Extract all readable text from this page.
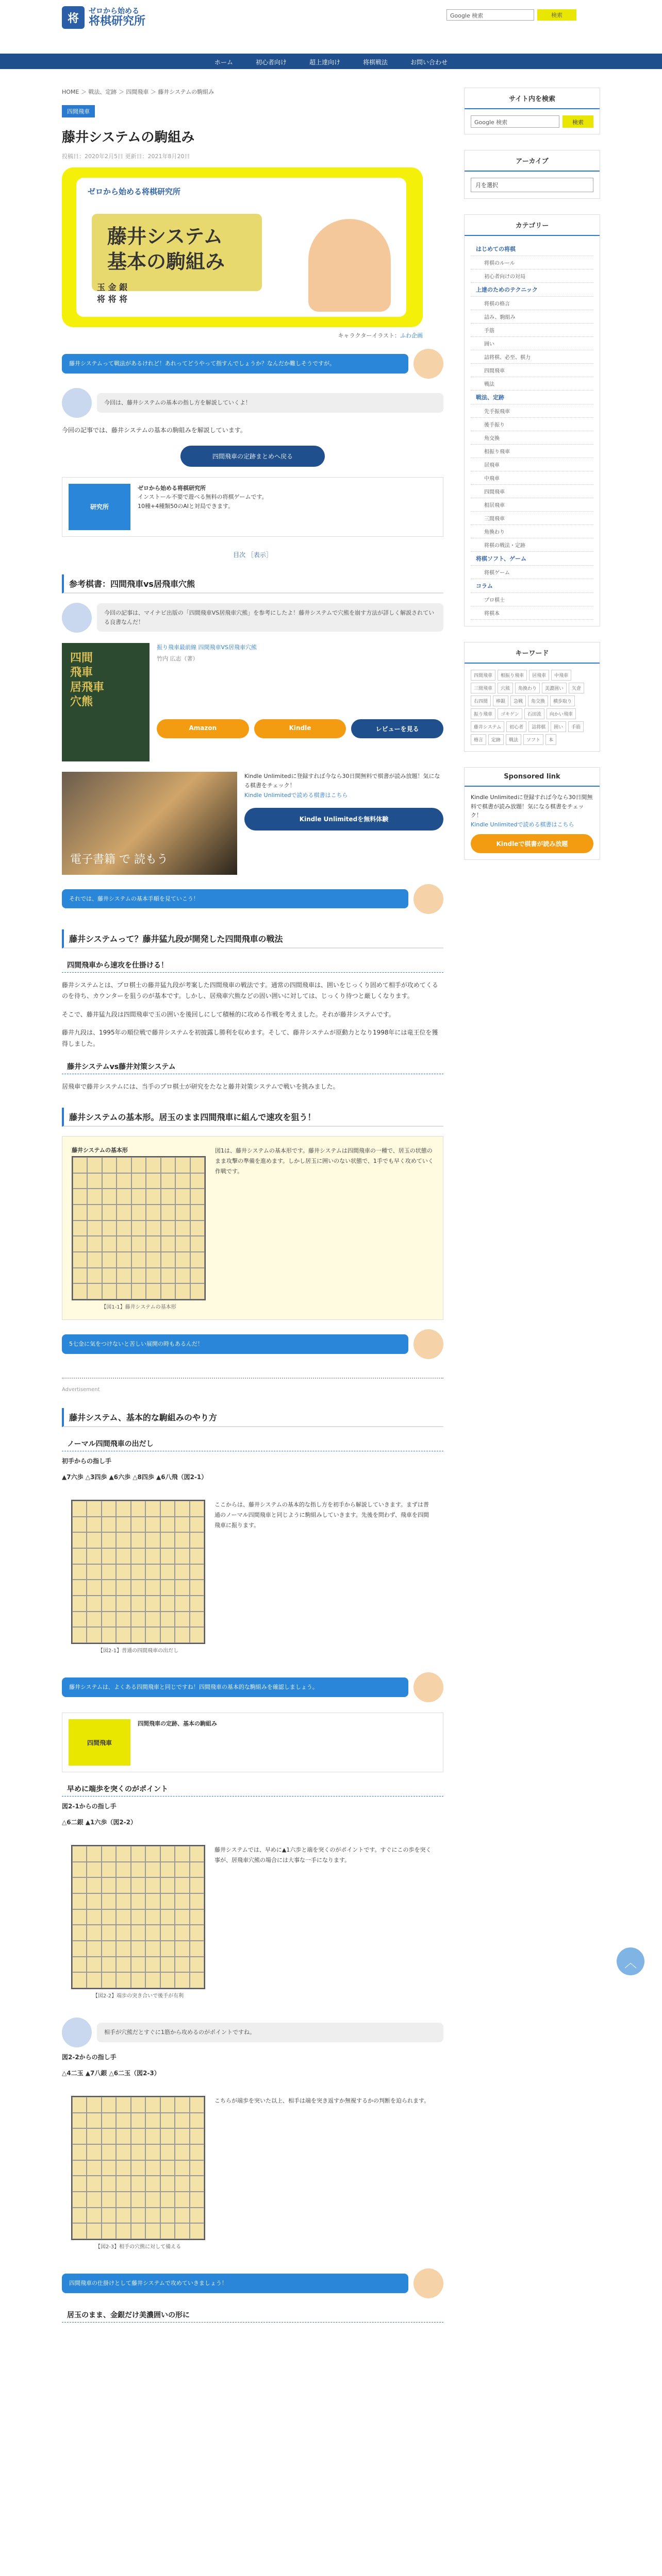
将
ゼロから始める
将棋研究所	Google 検索	検索
ホーム	初心者向け	超上達向け	将棋戦法	お問い合わせ
HOME ＞ 戦法、定跡 ＞ 四間飛車 ＞ 藤井システムの駒組み
四間飛車
藤井システムの駒組み
投稿日：2020年2月5日 更新日：2021年8月20日
ゼロから始める将棋研究所
藤井システム
基本の駒組み
玉 金 銀
将 将 将
キャラクターイラスト：ふわ企画
藤井システムって戦法があるけれど！あれってどうやって指すんでしょうか？なんだか難しそうですが。
今回は、藤井システムの基本の指し方を解説していくよ！
今回の記事では、藤井システムの基本の駒組みを解説しています。
四間飛車の定跡まとめへ戻る
研究所
ゼロから始める将棋研究所
インストール不要で遊べる無料の将棋ゲームです。
10種+4種類50のAIと対局できます。
目次 ［表示］
参考棋書：四間飛車vs居飛車穴熊
今回の記事は、マイナビ出版の「四間飛車VS居飛車穴熊」を参考にしたよ！藤井システムで穴熊を崩す方法が詳しく解説されている良書なんだ！
四間
飛車
居飛車
穴熊
振り飛車最前線 四間飛車VS居飛車穴熊
竹内 広志（著）
Amazon	Kindle	レビューを見る
電子書籍 で 読もう
Kindle Unlimitedに登録すれば今なら30日間無料で棋書が読み放題！気になる棋書をチェック！
Kindle Unlimitedで読める棋書はこちら
Kindle Unlimitedを無料体験
それでは、藤井システムの基本手順を見ていこう！
藤井システムって？藤井猛九段が開発した四間飛車の戦法
四間飛車から速攻を仕掛ける！
藤井システムとは、プロ棋士の藤井猛九段が考案した四間飛車の戦法です。通常の四間飛車は、囲いをじっくり固めて相手が攻めてくるのを待ち、カウンターを狙うのが基本です。しかし、居飛車穴熊などの固い囲いに対しては、じっくり待つと厳しくなります。
そこで、藤井猛九段は四間飛車で玉の囲いを後回しにして積極的に攻める作戦を考えました。それが藤井システムです。
藤井九段は、1995年の順位戦で藤井システムを初披露し勝利を収めます。そして、藤井システムが原動力となり1998年には竜王位を獲得しました。
藤井システムvs藤井対策システム
居飛車で藤井システムには、当手のプロ棋士が研究をたなと藤井対策システムで戦いを挑みました。
藤井システムの基本形。居玉のまま四間飛車に組んで速攻を狙う！
藤井システムの基本形
【図1-1】藤井システムの基本形
図1は、藤井システムの基本形です。藤井システムは四間飛車の一種で、居玉の状態のまま攻撃の準備を進めます。しかし居玉に囲いのない状態で、1手でも早く攻めていく作戦です。
5七金に気をつけないと苦しい展開の時もあるんだ！
Advertisement
藤井システム、基本的な駒組みのやり方
ノーマル四間飛車の出だし
初手からの指し手
▲7六歩 △3四歩 ▲6六歩 △8四歩 ▲6八飛（図2-1）
【図2-1】普通の四間飛車の出だし
ここからは、藤井システムの基本的な指し方を初手から解説していきます。まずは普通のノーマル四間飛車と同じように駒組みしていきます。先後を問わず、飛車を四間飛車に振ります。
藤井システムは、よくある四間飛車と同じですね！四間飛車の基本的な駒組みを確認しましょう。
四間飛車
四間飛車の定跡、基本の駒組み
早めに端歩を突くのがポイント
図2-1からの指し手
△6二銀 ▲1六歩（図2-2）
【図2-2】端歩の突き合いで後手が有利
藤井システムでは、早めに▲1六歩と端を突くのがポイントです。すぐにこの歩を突く事が、居飛車穴熊の場合には大事な一手になります。
相手が穴熊だとすぐに1筋から攻めるのがポイントですね。
図2-2からの指し手
△4二玉 ▲7八銀 △6二玉（図2-3）
【図2-3】相手の穴熊に対して備える
こちらが端歩を突いた以上、相手は端を突き返すか無視するかの判断を迫られます。
四間飛車の仕掛けとして藤井システムで攻めていきましょう！
居玉のまま、金銀だけ美濃囲いの形に
サイト内を検索
Google 検索	検索
アーカイブ
月を選択
カテゴリー
はじめての将棋
将棋のルール
初心者向けの対局
上達のためのテクニック
将棋の格言
詰み、駒組み
手筋
囲い
詰将棋、必至、棋力
四間飛車
戦法
戦法、定跡
先手振飛車
後手振り
角交換
相振り飛車
居飛車
中飛車
四間飛車
相居飛車
三間飛車
角換わり
将棋の戦法・定跡
将棋ソフト、ゲーム
将棋ゲーム
コラム
プロ棋士
将棋本
キーワード
四間飛車	相振り飛車	居飛車	中飛車
三間飛車	穴熊	角換わり	美濃囲い	矢倉
右四間	棒銀	急戦	角交換	横歩取り
振り飛車	ゴキゲン	石田流	向かい飛車
藤井システム	初心者	詰将棋	囲い	手筋
格言	定跡	戦法	ソフト	本
Sponsored link
Kindle Unlimitedに登録すれば今なら30日間無料で棋書が読み放題！気になる棋書をチェック！
Kindle Unlimitedで読める棋書はこちら
Kindleで棋書が読み放題
︿
